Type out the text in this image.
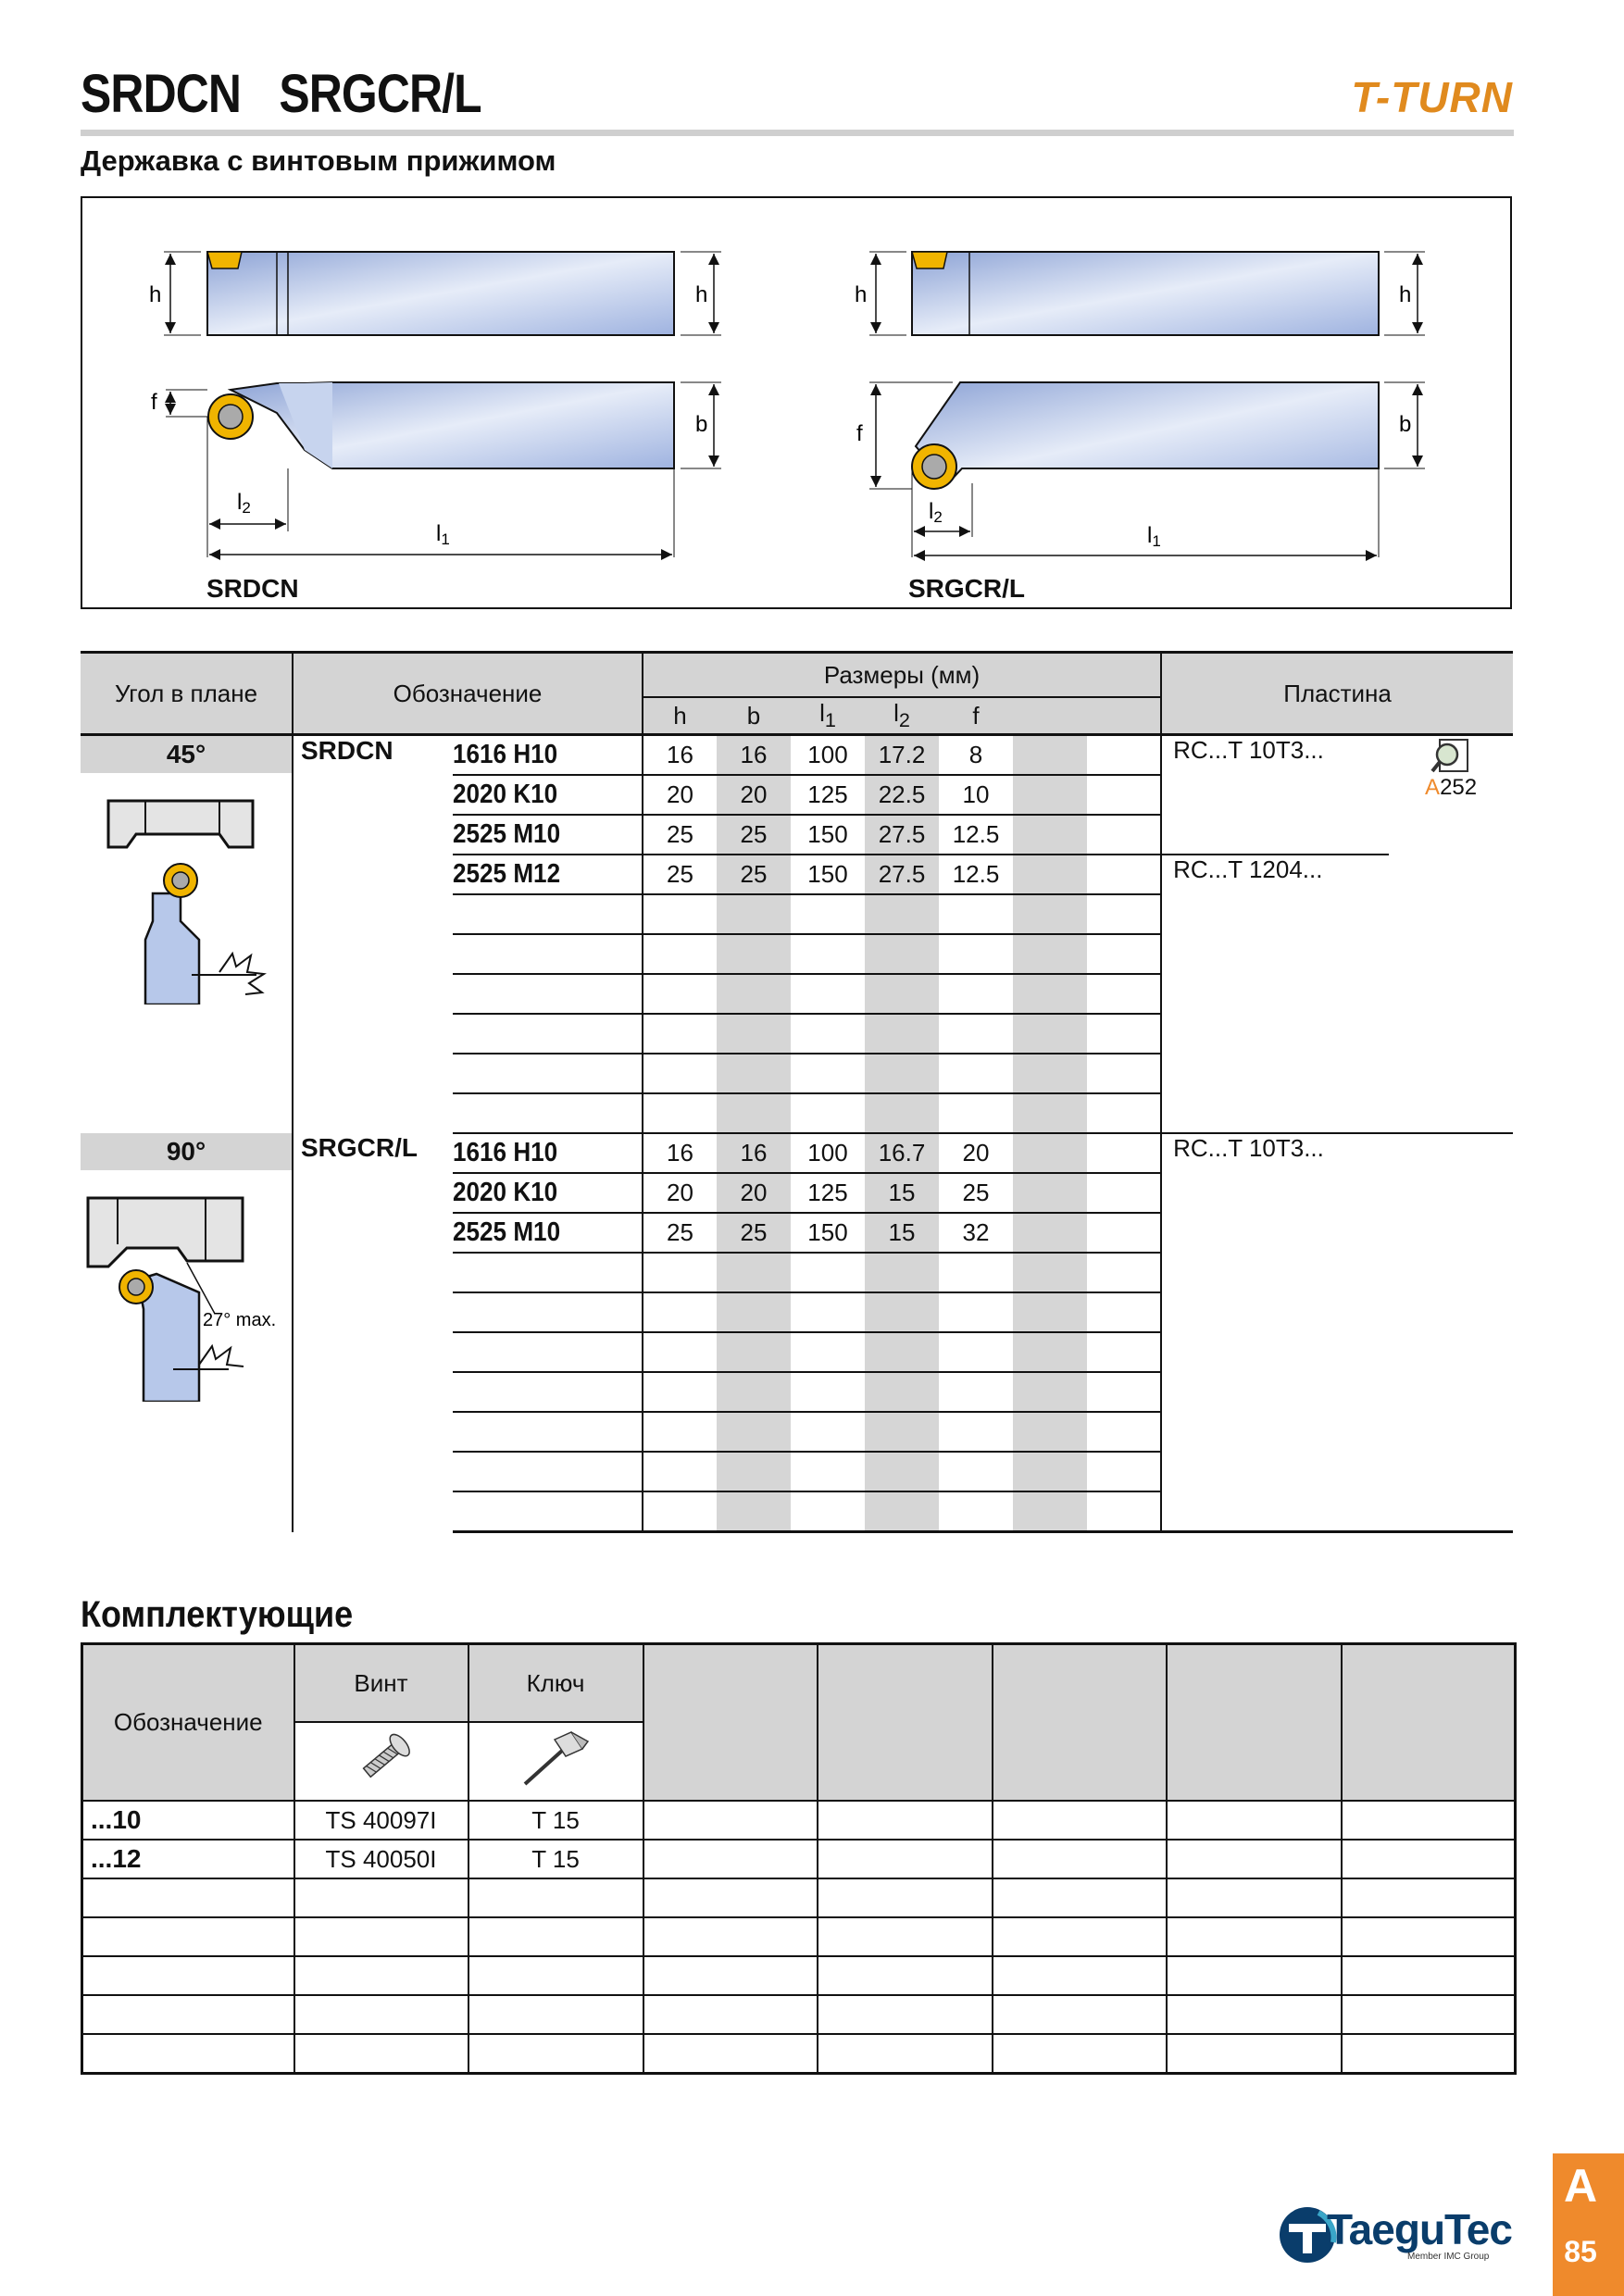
SRDCN SRGCR/L	T-TURN
Державка с винтовым прижимом
h	h
f
b
l2
l1
h	h
f	b
l2
l1
SRDCN	SRGCR/L
Угол в плане	Обозначение		Размеры (мм)							Пластина	
			h	b	$l_1$	$l_2$	f				

45°	SRDCN	1616 H10	16	16	100	17.2	8			RC...T 10T3...	A252

		2020 K10	20	20	125	22.5	10				
		2525 M10	25	25	150	27.5	12.5				
		2525 M12	25	25	150	27.5	12.5			RC...T 1204...	

90°
27° max.	SRGCR/L	1616 H10	16	16	100	16.7	20			RC...T 10T3...	
		2020 K10	20	20	125	15	25				
		2525 M10	25	25	150	15	32				

Комплектующие
Обозначение	Винт	Ключ					

...10	TS 40097I	T 15					
...12	TS 40050I	T 15					

TaeguTec
Member IMC Group
A
85
